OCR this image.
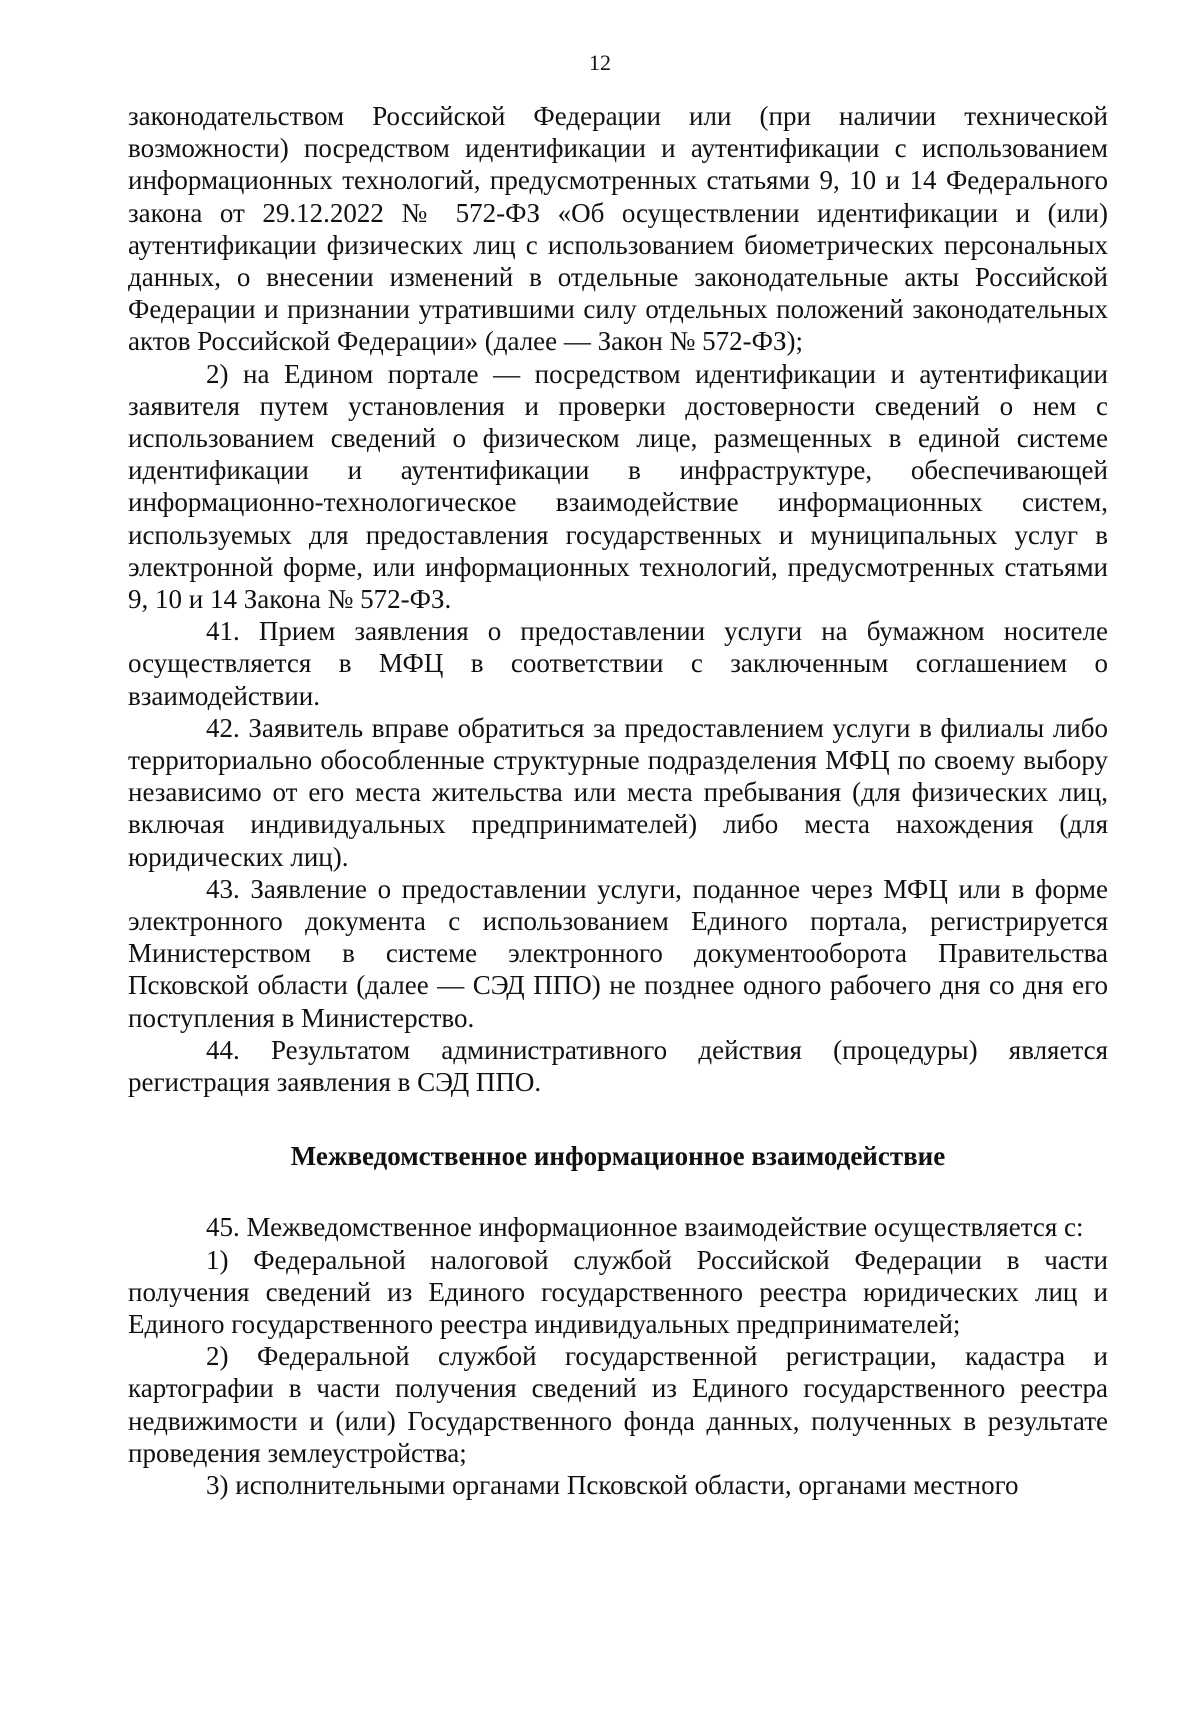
12

законодательством Российской Федерации или (при наличии технической возможности) посредством идентификации и аутентификации с использованием информационных технологий, предусмотренных статьями 9, 10 и 14 Федерального закона от 29.12.2022 № 572-ФЗ «Об осуществлении идентификации и (или) аутентификации физических лиц с использованием биометрических персональных данных, о внесении изменений в отдельные законодательные акты Российской Федерации и признании утратившими силу отдельных положений законодательных актов Российской Федерации» (далее — Закон № 572-ФЗ);

2) на Едином портале — посредством идентификации и аутентификации заявителя путем установления и проверки достоверности сведений о нем с использованием сведений о физическом лице, размещенных в единой системе идентификации и аутентификации в инфраструктуре, обеспечивающей информационно-технологическое взаимодействие информационных систем, используемых для предоставления государственных и муниципальных услуг в электронной форме, или информационных технологий, предусмотренных статьями 9, 10 и 14 Закона № 572-ФЗ.

41. Прием заявления о предоставлении услуги на бумажном носителе осуществляется в МФЦ в соответствии с заключенным соглашением о взаимодействии.

42. Заявитель вправе обратиться за предоставлением услуги в филиалы либо территориально обособленные структурные подразделения МФЦ по своему выбору независимо от его места жительства или места пребывания (для физических лиц, включая индивидуальных предпринимателей) либо места нахождения (для юридических лиц).

43. Заявление о предоставлении услуги, поданное через МФЦ или в форме электронного документа с использованием Единого портала, регистрируется Министерством в системе электронного документооборота Правительства Псковской области (далее — СЭД ППО) не позднее одного рабочего дня со дня его поступления в Министерство.

44. Результатом административного действия (процедуры) является регистрация заявления в СЭД ППО.

Межведомственное информационное взаимодействие

45. Межведомственное информационное взаимодействие осуществляется с:

1) Федеральной налоговой службой Российской Федерации в части получения сведений из Единого государственного реестра юридических лиц и Единого государственного реестра индивидуальных предпринимателей;

2) Федеральной службой государственной регистрации, кадастра и картографии в части получения сведений из Единого государственного реестра недвижимости и (или) Государственного фонда данных, полученных в результате проведения землеустройства;

3) исполнительными органами Псковской области, органами местного
